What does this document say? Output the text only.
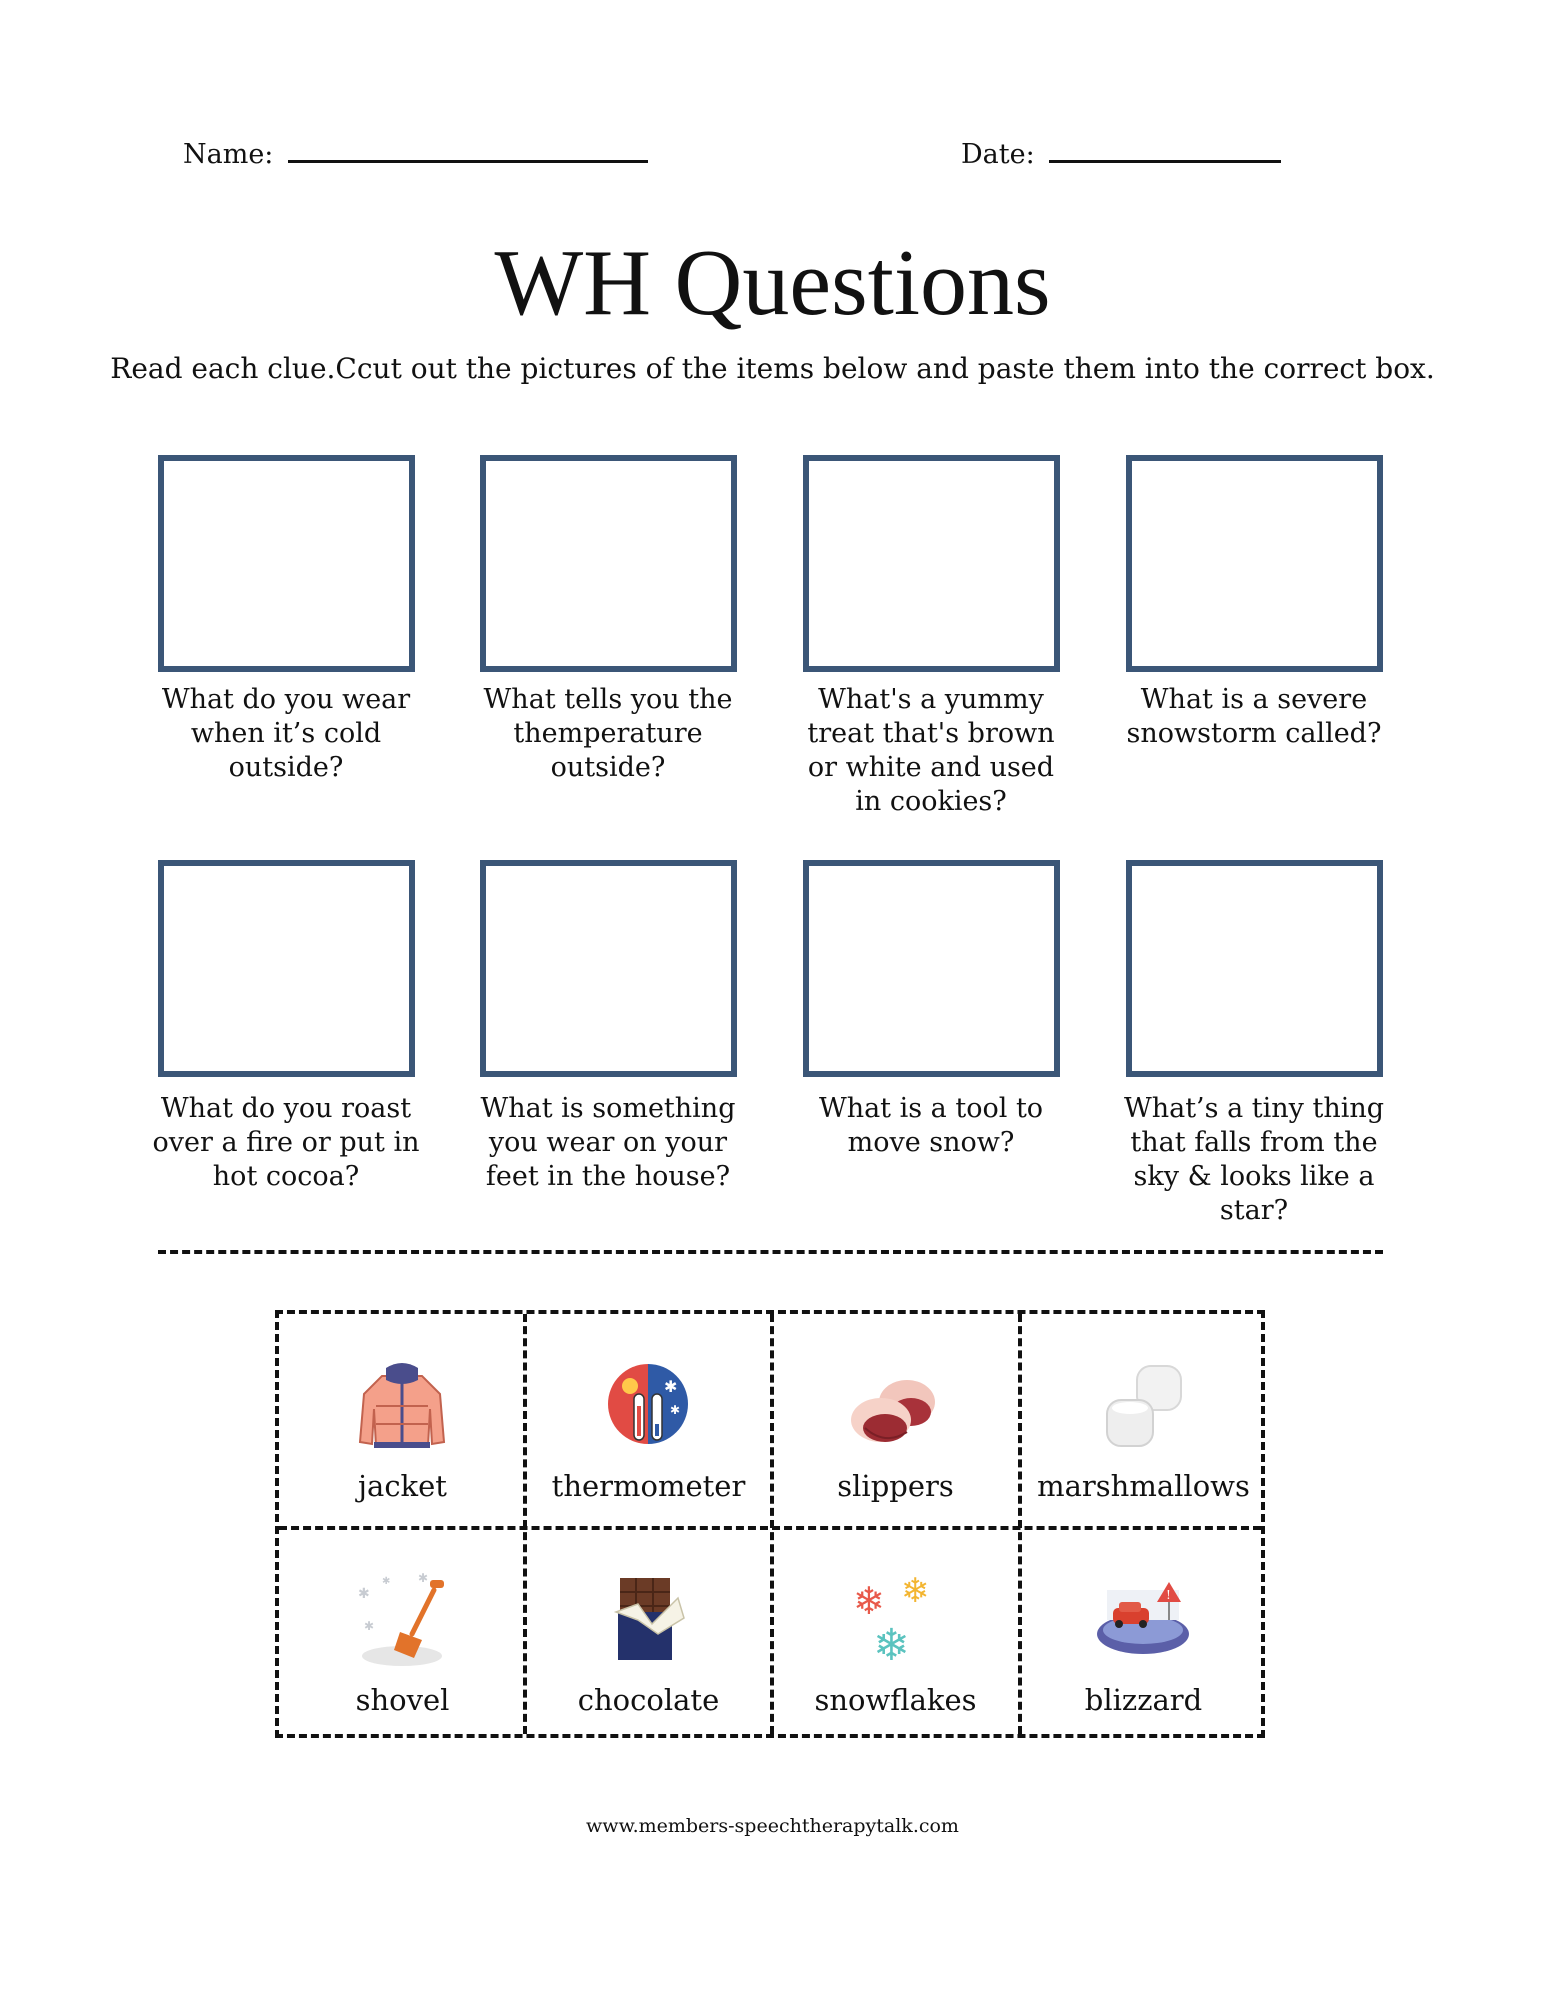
Name:	Date:
WH Questions
Read each clue.Ccut out the pictures of the items below and paste them into the correct box.
What do you wear when it’s cold outside?
What tells you the themperature outside?
What's a yummy treat that's brown or white and used in cookies?
What is a severe snowstorm called?
What do you roast over a fire or put in hot cocoa?
What is something you wear on your feet in the house?
What is a tool to move snow?
What’s a tiny thing that falls from the sky & looks like a star?
jacket
✱
✱
thermometer	slippers	marshmallows
✱
✱
✱
✱
shovel	chocolate
❄ ❄
❄
snowflakes
!
blizzard
www.members-speechtherapytalk.com
